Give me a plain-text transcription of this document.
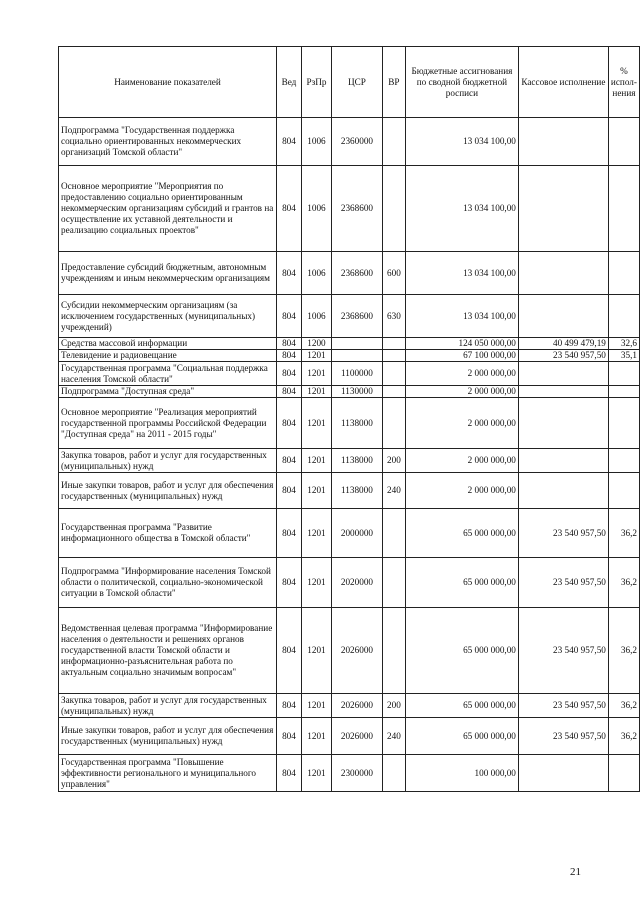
Наименование показателей	Вед	РзПр	ЦСР	ВР	Бюджетные ассигнования по сводной бюджетной росписи	Кассовое исполнение	% испол-нения
Подпрограмма "Государственная поддержка социально ориентированных некоммерческих организаций Томской области"	804	1006	2360000		13 034 100,00		
Основное мероприятие "Мероприятия по предоставлению социально ориентированным некоммерческим организациям субсидий и грантов на осуществление их уставной деятельности и реализацию социальных проектов"	804	1006	2368600		13 034 100,00		
Предоставление субсидий бюджетным, автономным учреждениям и иным некоммерческим организациям	804	1006	2368600	600	13 034 100,00		
Субсидии некоммерческим организациям (за исключением государственных (муниципальных) учреждений)	804	1006	2368600	630	13 034 100,00		
Средства массовой информации	804	1200			124 050 000,00	40 499 479,19	32,6
Телевидение и радиовещание	804	1201			67 100 000,00	23 540 957,50	35,1
Государственная программа "Социальная поддержка населения Томской области"	804	1201	1100000		2 000 000,00		
Подпрограмма "Доступная среда"	804	1201	1130000		2 000 000,00		
Основное мероприятие "Реализация мероприятий государственной программы Российской Федерации "Доступная среда" на 2011 - 2015 годы"	804	1201	1138000		2 000 000,00		
Закупка товаров, работ и услуг для государственных (муниципальных) нужд	804	1201	1138000	200	2 000 000,00		
Иные закупки товаров, работ и услуг для обеспечения государственных (муниципальных) нужд	804	1201	1138000	240	2 000 000,00		
Государственная программа "Развитие информационного общества в Томской области"	804	1201	2000000		65 000 000,00	23 540 957,50	36,2
Подпрограмма "Информирование населения Томской области о политической, социально-экономической ситуации в Томской области"	804	1201	2020000		65 000 000,00	23 540 957,50	36,2
Ведомственная целевая программа "Информирование населения о деятельности и решениях органов государственной власти Томской области и информационно-разъяснительная работа по актуальным социально значимым вопросам"	804	1201	2026000		65 000 000,00	23 540 957,50	36,2
Закупка товаров, работ и услуг для государственных (муниципальных) нужд	804	1201	2026000	200	65 000 000,00	23 540 957,50	36,2
Иные закупки товаров, работ и услуг для обеспечения государственных (муниципальных) нужд	804	1201	2026000	240	65 000 000,00	23 540 957,50	36,2
Государственная программа "Повышение эффективности регионального и муниципального управления"	804	1201	2300000		100 000,00		
21
